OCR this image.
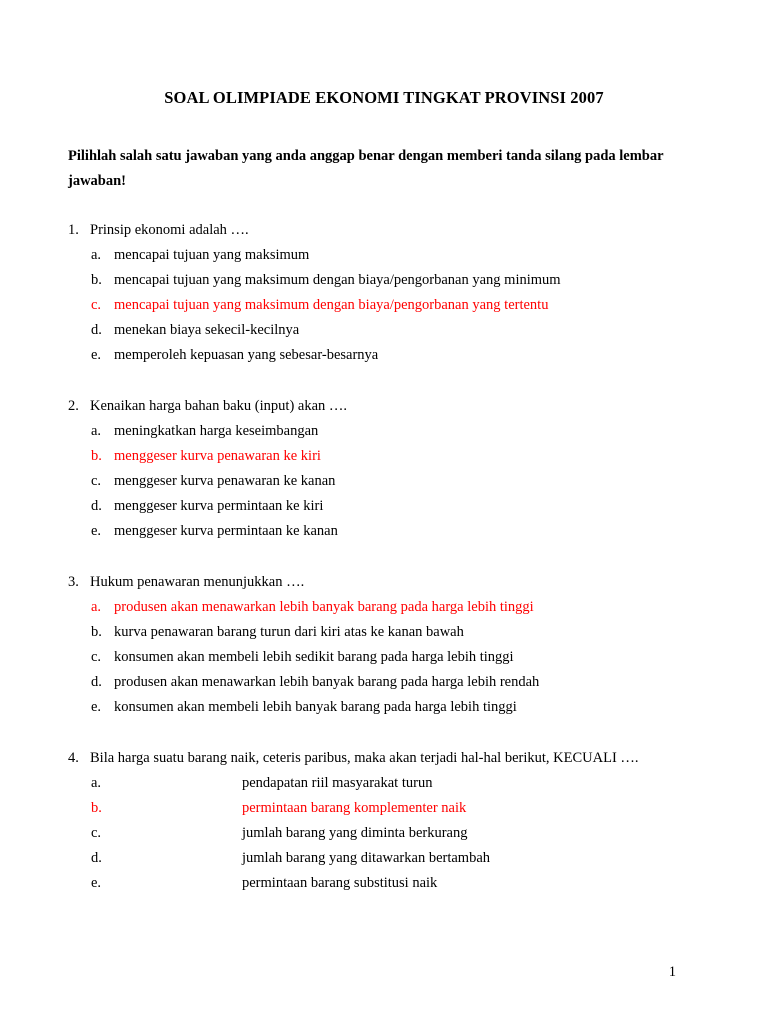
SOAL OLIMPIADE EKONOMI TINGKAT PROVINSI 2007
Pilihlah salah satu jawaban yang anda anggap benar dengan memberi tanda silang pada lembar jawaban!
1. Prinsip ekonomi adalah ….
a. mencapai tujuan yang maksimum
b. mencapai tujuan yang maksimum dengan biaya/pengorbanan yang minimum
c. mencapai tujuan yang maksimum dengan biaya/pengorbanan yang tertentu
d. menekan biaya sekecil-kecilnya
e. memperoleh kepuasan yang sebesar-besarnya
2. Kenaikan harga bahan baku (input) akan ….
a. meningkatkan harga keseimbangan
b. menggeser kurva penawaran ke kiri
c. menggeser kurva penawaran ke kanan
d. menggeser kurva permintaan ke kiri
e. menggeser kurva permintaan ke kanan
3. Hukum penawaran menunjukkan ….
a. produsen akan menawarkan lebih banyak barang pada harga lebih tinggi
b. kurva penawaran barang turun dari kiri atas ke kanan bawah
c. konsumen akan membeli lebih sedikit barang pada harga lebih tinggi
d. produsen akan menawarkan lebih banyak barang pada harga lebih rendah
e. konsumen akan membeli lebih banyak barang pada harga lebih tinggi
4. Bila harga suatu barang naik, ceteris paribus, maka akan terjadi hal-hal berikut, KECUALI ….
a.	pendapatan riil masyarakat turun
b.	permintaan barang komplementer naik
c.	jumlah barang yang diminta berkurang
d.	jumlah barang yang ditawarkan bertambah
e.	permintaan barang substitusi naik
1
